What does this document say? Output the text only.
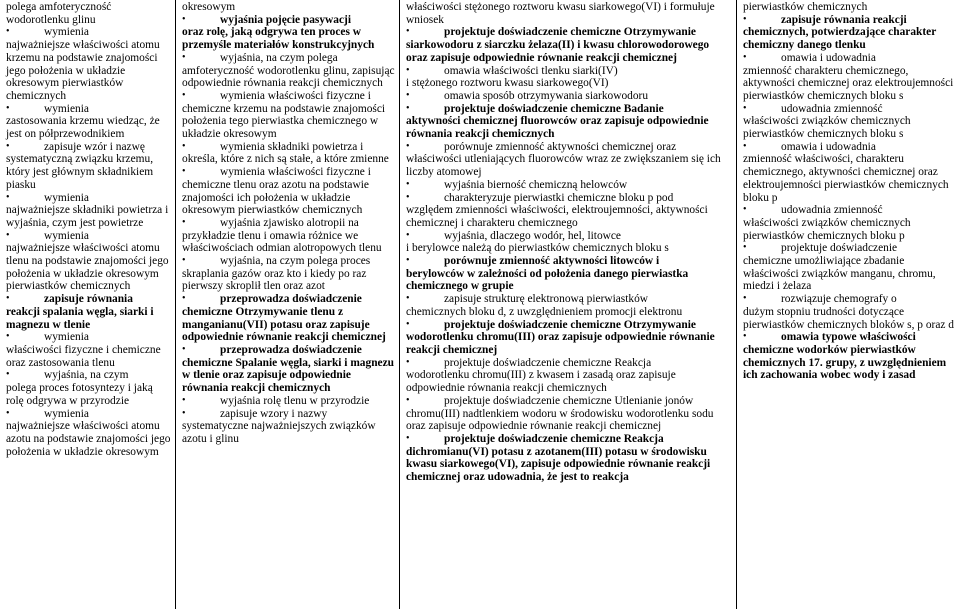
polega amfoteryczność wodorotlenku glinu

•	wymienia
najważniejsze właściwości atomu krzemu na podstawie znajomości jego położenia w układzie okresowym pierwiastków chemicznych
•	wymienia
zastosowania krzemu wiedząc, że jest on półprzewodnikiem
•	zapisuje wzór i nazwę
systematyczną związku krzemu, który jest głównym składnikiem piasku
•	wymienia
najważniejsze składniki powietrza i wyjaśnia, czym jest powietrze
•	wymienia
najważniejsze właściwości atomu tlenu na podstawie znajomości jego położenia w układzie okresowym pierwiastków chemicznych
•	zapisuje równania
reakcji spalania węgla, siarki i magnezu w tlenie
•	wymienia
właściwości fizyczne i chemiczne oraz zastosowania tlenu
•	wyjaśnia, na czym
polega proces fotosyntezy i jaką rolę odgrywa w przyrodzie
•	wymienia
najważniejsze właściwości atomu azotu na podstawie znajomości jego położenia w układzie okresowym

okresowym

•	wyjaśnia pojęcie pasywacji
oraz rolę, jaką odgrywa ten proces w przemyśle materiałów konstrukcyjnych
•	wyjaśnia, na czym polega
amfoteryczność wodorotlenku glinu, zapisując odpowiednie równania reakcji chemicznych
•	wymienia właściwości fizyczne i
chemiczne krzemu na podstawie znajomości położenia tego pierwiastka chemicznego w układzie okresowym
•	wymienia składniki powietrza i
określa, które z nich są stałe, a które zmienne
•	wymienia właściwości fizyczne i
chemiczne tlenu oraz azotu na podstawie znajomości ich położenia w układzie okresowym pierwiastków chemicznych
•	wyjaśnia zjawisko alotropii na
przykładzie tlenu i omawia różnice we właściwościach odmian alotropowych tlenu
•	wyjaśnia, na czym polega proces
skraplania gazów oraz kto i kiedy po raz pierwszy skroplił tlen oraz azot
•	przeprowadza doświadczenie
chemiczne Otrzymywanie tlenu z manganianu(VII) potasu oraz zapisuje odpowiednie równanie reakcji chemicznej
•	przeprowadza doświadczenie
chemiczne Spalanie węgla, siarki i magnezu w tlenie oraz zapisuje odpowiednie równania reakcji chemicznych
•	wyjaśnia rolę tlenu w przyrodzie
•	zapisuje wzory i nazwy
systematyczne najważniejszych związków azotu i glinu

właściwości stężonego roztworu kwasu siarkowego(VI) i formułuje wniosek

•	projektuje doświadczenie chemiczne Otrzymywanie
siarkowodoru z siarczku żelaza(II) i kwasu chlorowodorowego oraz zapisuje odpowiednie równanie reakcji chemicznej
•	omawia właściwości tlenku siarki(IV)
i stężonego roztworu kwasu siarkowego(VI)
•	omawia sposób otrzymywania siarkowodoru
•	projektuje doświadczenie chemiczne Badanie
aktywności chemicznej fluorowców oraz zapisuje odpowiednie równania reakcji chemicznych
•	porównuje zmienność aktywności chemicznej oraz
właściwości utleniających fluorowców wraz ze zwiększaniem się ich liczby atomowej
•	wyjaśnia bierność chemiczną helowców
•	charakteryzuje pierwiastki chemiczne bloku p pod
względem zmienności właściwości, elektroujemności, aktywności chemicznej i charakteru chemicznego
•	wyjaśnia, dlaczego wodór, hel, litowce
i berylowce należą do pierwiastków chemicznych bloku s
•	porównuje zmienność aktywności litowców i
berylowców w zależności od położenia danego pierwiastka chemicznego w grupie
•	zapisuje strukturę elektronową pierwiastków
chemicznych bloku d, z uwzględnieniem promocji elektronu
•	projektuje doświadczenie chemiczne Otrzymywanie
wodorotlenku chromu(III) oraz zapisuje odpowiednie równanie reakcji chemicznej
•	projektuje doświadczenie chemiczne Reakcja
wodorotlenku chromu(III) z kwasem i zasadą oraz zapisuje odpowiednie równania reakcji chemicznych
•	projektuje doświadczenie chemiczne Utlenianie jonów
chromu(III) nadtlenkiem wodoru w środowisku wodorotlenku sodu oraz zapisuje odpowiednie równanie reakcji chemicznej
•	projektuje doświadczenie chemiczne Reakcja
dichromianu(VI) potasu z azotanem(III) potasu w środowisku kwasu siarkowego(VI), zapisuje odpowiednie równanie reakcji chemicznej oraz udowadnia, że jest to reakcja

pierwiastków chemicznych

•	zapisuje równania reakcji
chemicznych, potwierdzające charakter chemiczny danego tlenku
•	omawia i udowadnia
zmienność charakteru chemicznego, aktywności chemicznej oraz elektroujemności pierwiastków chemicznych bloku s
•	udowadnia zmienność
właściwości związków chemicznych pierwiastków chemicznych bloku s
•	omawia i udowadnia
zmienność właściwości, charakteru chemicznego, aktywności chemicznej oraz elektroujemności pierwiastków chemicznych bloku p
•	udowadnia zmienność
właściwości związków chemicznych pierwiastków chemicznych bloku p
•	projektuje doświadczenie
chemiczne umożliwiające zbadanie właściwości związków manganu, chromu, miedzi i żelaza
•	rozwiązuje chemografy o
dużym stopniu trudności dotyczące pierwiastków chemicznych bloków s, p oraz d
•	omawia typowe właściwości
chemiczne wodorków pierwiastków chemicznych 17. grupy, z uwzględnieniem ich zachowania wobec wody i zasad
